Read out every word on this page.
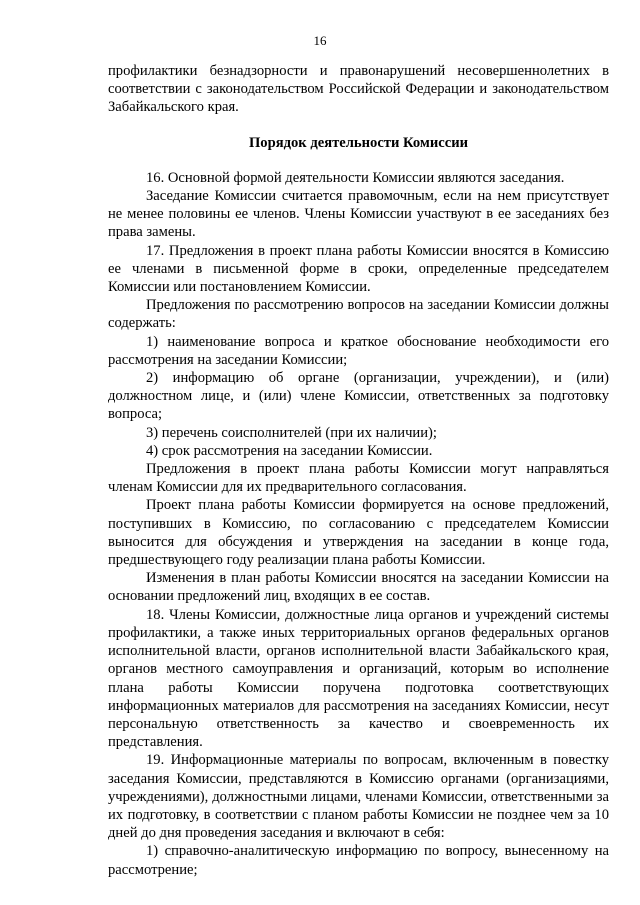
16

профилактики безнадзорности и правонарушений несовершеннолетних в соответствии с законодательством Российской Федерации и законодательством Забайкальского края.

Порядок деятельности Комиссии

16. Основной формой деятельности Комиссии являются заседания.

Заседание Комиссии считается правомочным, если на нем присутствует не менее половины ее членов. Члены Комиссии участвуют в ее заседаниях без права замены.

17. Предложения в проект плана работы Комиссии вносятся в Комиссию ее членами в письменной форме в сроки, определенные председателем Комиссии или постановлением Комиссии.

Предложения по рассмотрению вопросов на заседании Комиссии должны содержать:

1) наименование вопроса и краткое обоснование необходимости его рассмотрения на заседании Комиссии;

2) информацию об органе (организации, учреждении), и (или) должностном лице, и (или) члене Комиссии, ответственных за подготовку вопроса;

3) перечень соисполнителей (при их наличии);

4) срок рассмотрения на заседании Комиссии.

Предложения в проект плана работы Комиссии могут направляться членам Комиссии для их предварительного согласования.

Проект плана работы Комиссии формируется на основе предложений, поступивших в Комиссию, по согласованию с председателем Комиссии выносится для обсуждения и утверждения на заседании в конце года, предшествующего году реализации плана работы Комиссии.

Изменения в план работы Комиссии вносятся на заседании Комиссии на основании предложений лиц, входящих в ее состав.

18. Члены Комиссии, должностные лица органов и учреждений системы профилактики, а также иных территориальных органов федеральных органов исполнительной власти, органов исполнительной власти Забайкальского края, органов местного самоуправления и организаций, которым во исполнение плана работы Комиссии поручена подготовка соответствующих информационных материалов для рассмотрения на заседаниях Комиссии, несут персональную ответственность за качество и своевременность их представления.

19. Информационные материалы по вопросам, включенным в повестку заседания Комиссии, представляются в Комиссию органами (организациями, учреждениями), должностными лицами, членами Комиссии, ответственными за их подготовку, в соответствии с планом работы Комиссии не позднее чем за 10 дней до дня проведения заседания и включают в себя:

1) справочно-аналитическую информацию по вопросу, вынесенному на рассмотрение;
